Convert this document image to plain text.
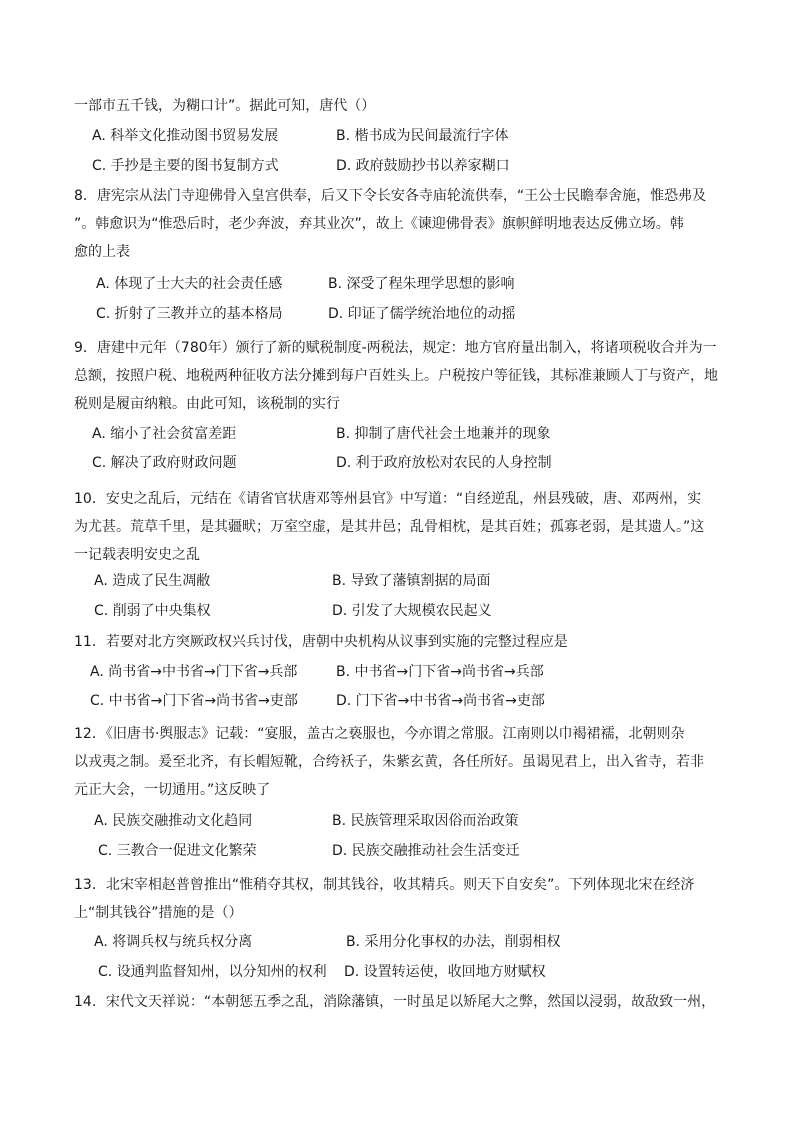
一部市五千钱，为糊口计”。据此可知，唐代（）
A. 科举文化推动图书贸易发展	B. 楷书成为民间最流行字体
C. 手抄是主要的图书复制方式	D. 政府鼓励抄书以养家糊口
8．唐宪宗从法门寺迎佛骨入皇宫供奉，后又下令长安各寺庙轮流供奉，“王公士民瞻奉舍施，惟恐弗及
”。韩愈识为“惟恐后时，老少奔波，弃其业次”，故上《谏迎佛骨表》旗帜鲜明地表达反佛立场。韩
愈的上表
A. 体现了士大夫的社会责任感	B. 深受了程朱理学思想的影响
C. 折射了三教并立的基本格局	D. 印证了儒学统治地位的动摇
9．唐建中元年（780年）颁行了新的赋税制度-两税法，规定：地方官府量出制入，将诸项税收合并为一
总额，按照户税、地税两种征收方法分摊到每户百姓头上。户税按户等征钱，其标准兼顾人丁与资产，地
税则是履亩纳粮。由此可知，该税制的实行
A. 缩小了社会贫富差距	B. 抑制了唐代社会土地兼并的现象
C. 解决了政府财政问题	D. 利于政府放松对农民的人身控制
10．安史之乱后，元结在《请省官状唐邓等州县官》中写道：“自经逆乱，州县残破，唐、邓两州，实
为尤甚。荒草千里，是其疆畎；万室空虚，是其井邑；乱骨相枕，是其百姓；孤寡老弱，是其遗人。”这
一记载表明安史之乱
A. 造成了民生凋敝	B. 导致了藩镇割据的局面
C. 削弱了中央集权	D. 引发了大规模农民起义
11．若要对北方突厥政权兴兵讨伐，唐朝中央机构从议事到实施的完整过程应是
A. 尚书省→中书省→门下省→兵部	B. 中书省→门下省→尚书省→兵部
C. 中书省→门下省→尚书省→吏部	D. 门下省→中书省→尚书省→吏部
12．《旧唐书·舆服志》记载：“宴服，盖古之亵服也，今亦谓之常服。江南则以巾褐裙襦，北朝则杂
以戎夷之制。爰至北齐，有长帽短靴，合绔袄子，朱紫玄黄，各任所好。虽谒见君上，出入省寺，若非
元正大会，一切通用。”这反映了
A. 民族交融推动文化趋同	B. 民族管理采取因俗而治政策
C. 三教合一促进文化繁荣	D. 民族交融推动社会生活变迁
13．北宋宰相赵普曾推出“惟稍夺其权，制其钱谷，收其精兵。则天下自安矣”。下列体现北宋在经济
上“制其钱谷”措施的是（）
A. 将调兵权与统兵权分离	B. 采用分化事权的办法，削弱相权
C. 设通判监督知州，以分知州的权利 D. 设置转运使，收回地方财赋权
14．宋代文天祥说：“本朝惩五季之乱，消除藩镇，一时虽足以矫尾大之弊，然国以浸弱，故敌致一州，
